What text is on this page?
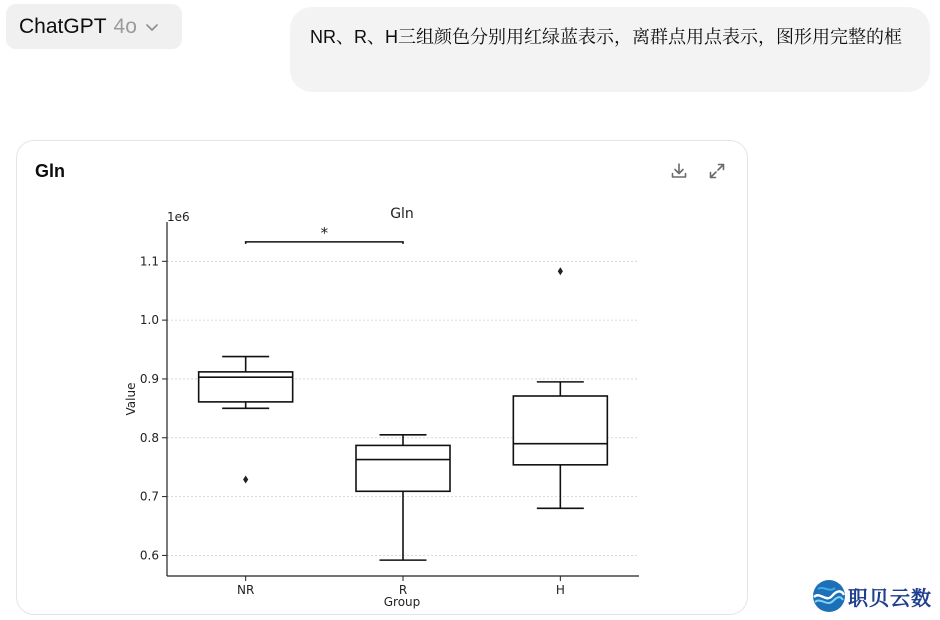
ChatGPT 4o	NR、R、H三组颜色分别用红绿蓝表示，离群点用点表示，图形用完整的框
Gln
0.6
0.7
0.8
0.9
1.0
1.1
NR	R	H
*
Gln
1e6
Group
Value
职贝云数
